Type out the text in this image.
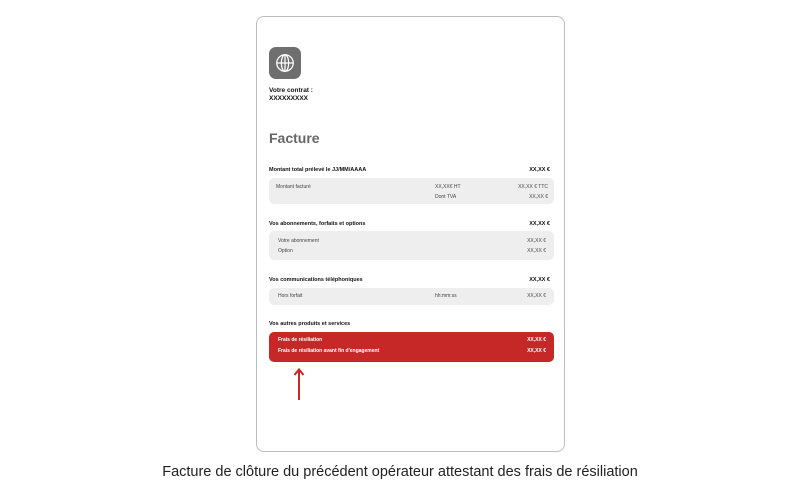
Votre contrat :
XXXXXXXXX
Facture
Montant total prélevé le JJ/MM/AAAA	XX,XX €
Montant facturé	XX,XX€ HT	XX,XX € TTC
Dont TVA	XX,XX €
Vos abonnements, forfaits et options	XX,XX €
Votre abonnement	XX,XX €
Option	XX,XX €
Vos communications téléphoniques	XX,XX €
Hors forfait	hh:mm:ss	XX,XX €
Vos autres produits et services
Frais de résiliation	XX,XX €
Frais de résiliation avant fin d'engagement	XX,XX €
Facture de clôture du précédent opérateur attestant des frais de résiliation
